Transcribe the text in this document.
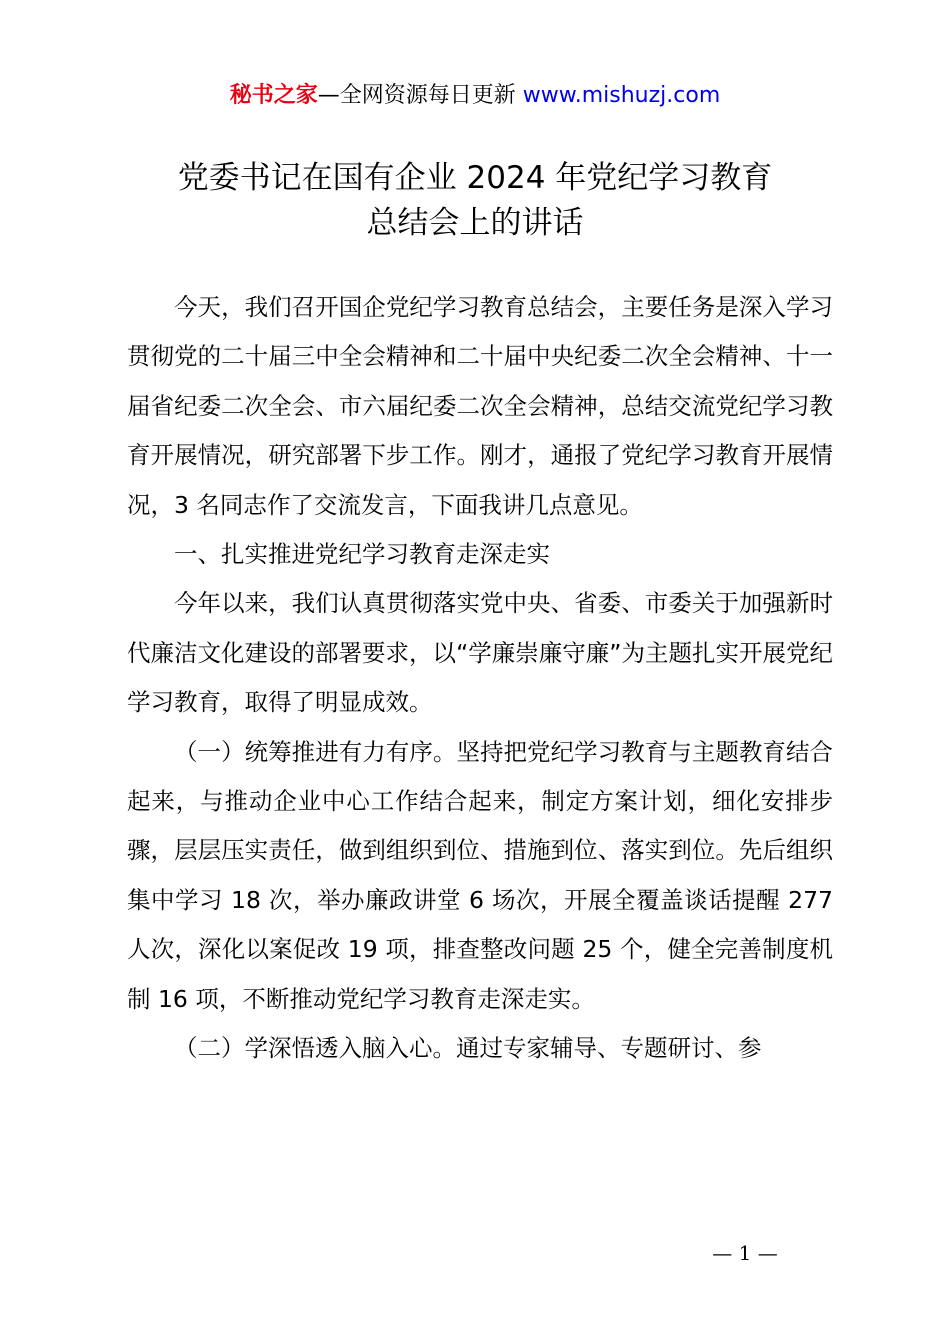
秘书之家—全网资源每日更新 www.mishuzj.com
党委书记在国有企业 2024 年党纪学习教育
总结会上的讲话

今天，我们召开国企党纪学习教育总结会，主要任务是深入学习贯彻党的二十届三中全会精神和二十届中央纪委二次全会精神、十一届省纪委二次全会、市六届纪委二次全会精神，总结交流党纪学习教育开展情况，研究部署下步工作。刚才，通报了党纪学习教育开展情况，3 名同志作了交流发言，下面我讲几点意见。

一、扎实推进党纪学习教育走深走实

今年以来，我们认真贯彻落实党中央、省委、市委关于加强新时代廉洁文化建设的部署要求，以“学廉崇廉守廉”为主题扎实开展党纪学习教育，取得了明显成效。

（一）统筹推进有力有序。坚持把党纪学习教育与主题教育结合起来，与推动企业中心工作结合起来，制定方案计划，细化安排步骤，层层压实责任，做到组织到位、措施到位、落实到位。先后组织集中学习 18 次，举办廉政讲堂 6 场次，开展全覆盖谈话提醒 277 人次，深化以案促改 19 项，排查整改问题 25 个，健全完善制度机制 16 项，不断推动党纪学习教育走深走实。

（二）学深悟透入脑入心。通过专家辅导、专题研讨、参

— 1 —
